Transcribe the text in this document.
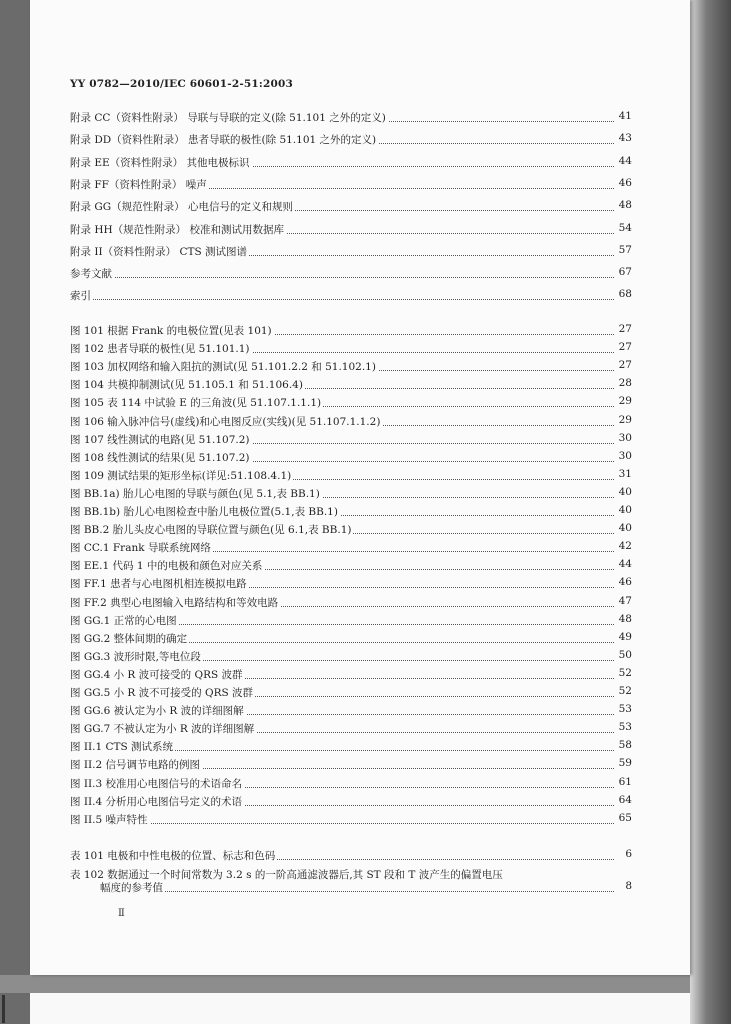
YY 0782—2010/IEC 60601-2-51:2003
附录 CC（资料性附录） 导联与导联的定义(除 51.101 之外的定义)	41
附录 DD（资料性附录） 患者导联的极性(除 51.101 之外的定义)	43
附录 EE（资料性附录） 其他电极标识	44
附录 FF（资料性附录） 噪声	46
附录 GG（规范性附录） 心电信号的定义和规则	48
附录 HH（规范性附录） 校准和测试用数据库	54
附录 II（资料性附录） CTS 测试图谱	57
参考文献	67
索引	68
图 101 根据 Frank 的电极位置(见表 101)	27
图 102 患者导联的极性(见 51.101.1)	27
图 103 加权网络和输入阻抗的测试(见 51.101.2.2 和 51.102.1)	27
图 104 共模抑制测试(见 51.105.1 和 51.106.4)	28
图 105 表 114 中试验 E 的三角波(见 51.107.1.1.1)	29
图 106 输入脉冲信号(虚线)和心电图反应(实线)(见 51.107.1.1.2)	29
图 107 线性测试的电路(见 51.107.2)	30
图 108 线性测试的结果(见 51.107.2)	30
图 109 测试结果的矩形坐标(详见:51.108.4.1)	31
图 BB.1a) 胎儿心电图的导联与颜色(见 5.1,表 BB.1)	40
图 BB.1b) 胎儿心电图检查中胎儿电极位置(5.1,表 BB.1)	40
图 BB.2 胎儿头皮心电图的导联位置与颜色(见 6.1,表 BB.1)	40
图 CC.1 Frank 导联系统网络	42
图 EE.1 代码 1 中的电极和颜色对应关系	44
图 FF.1 患者与心电图机相连模拟电路	46
图 FF.2 典型心电图输入电路结构和等效电路	47
图 GG.1 正常的心电图	48
图 GG.2 整体间期的确定	49
图 GG.3 波形时限,等电位段	50
图 GG.4 小 R 波可接受的 QRS 波群	52
图 GG.5 小 R 波不可接受的 QRS 波群	52
图 GG.6 被认定为小 R 波的详细图解	53
图 GG.7 不被认定为小 R 波的详细图解	53
图 II.1 CTS 测试系统	58
图 II.2 信号调节电路的例图	59
图 II.3 校准用心电图信号的术语命名	61
图 II.4 分析用心电图信号定义的术语	64
图 II.5 噪声特性	65
表 101 电极和中性电极的位置、标志和色码	6
表 102 数据通过一个时间常数为 3.2 s 的一阶高通滤波器后,其 ST 段和 T 波产生的偏置电压
幅度的参考值	8
Ⅱ
